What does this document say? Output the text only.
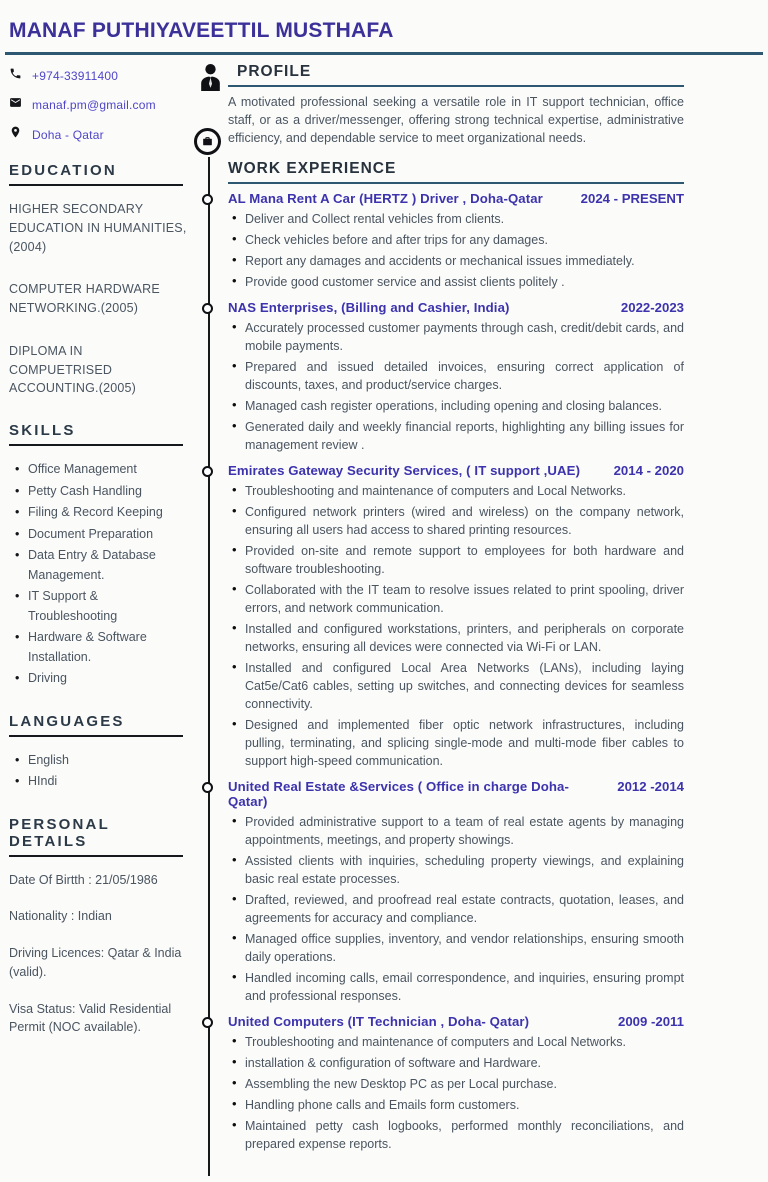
MANAF PUTHIYAVEETTIL MUSTHAFA
+974-33911400
manaf.pm@gmail.com
Doha - Qatar
EDUCATION

HIGHER SECONDARY EDUCATION IN HUMANITIES, (2004)

COMPUTER HARDWARE NETWORKING.(2005)

DIPLOMA IN COMPUETRISED ACCOUNTING.(2005)

SKILLS
• Office Management
• Petty Cash Handling
• Filing & Record Keeping
• Document Preparation
• Data Entry & Database Management.
• IT Support & Troubleshooting
• Hardware & Software Installation.
• Driving
LANGUAGES
• English
• HIndi
PERSONAL DETAILS

Date Of Birtth : 21/05/1986

Nationality : Indian

Driving Licences: Qatar & India (valid).

Visa Status: Valid Residential Permit (NOC available).

PROFILE

A motivated professional seeking a versatile role in IT support technician, office staff, or as a driver/messenger, offering strong technical expertise, administrative efficiency, and dependable service to meet organizational needs.

WORK EXPERIENCE
AL Mana Rent A Car (HERTZ ) Driver , Doha-Qatar	2024 - PRESENT
• Deliver and Collect rental vehicles from clients.
• Check vehicles before and after trips for any damages.
• Report any damages and accidents or mechanical issues immediately.
• Provide good customer service and assist clients politely .
NAS Enterprises, (Billing and Cashier, India)	2022-2023
• Accurately processed customer payments through cash, credit/debit cards, and mobile payments.
• Prepared and issued detailed invoices, ensuring correct application of discounts, taxes, and product/service charges.
• Managed cash register operations, including opening and closing balances.
• Generated daily and weekly financial reports, highlighting any billing issues for management review .
Emirates Gateway Security Services, ( IT support ,UAE)	2014 - 2020
• Troubleshooting and maintenance of computers and Local Networks.
• Configured network printers (wired and wireless) on the company network, ensuring all users had access to shared printing resources.
• Provided on-site and remote support to employees for both hardware and software troubleshooting.
• Collaborated with the IT team to resolve issues related to print spooling, driver errors, and network communication.
• Installed and configured workstations, printers, and peripherals on corporate networks, ensuring all devices were connected via Wi-Fi or LAN.
• Installed and configured Local Area Networks (LANs), including laying Cat5e/Cat6 cables, setting up switches, and connecting devices for seamless connectivity.
• Designed and implemented fiber optic network infrastructures, including pulling, terminating, and splicing single-mode and multi-mode fiber cables to support high-speed communication.
United Real Estate &Services ( Office in charge Doha- Qatar)
2012 -2014
• Provided administrative support to a team of real estate agents by managing appointments, meetings, and property showings.
• Assisted clients with inquiries, scheduling property viewings, and explaining basic real estate processes.
• Drafted, reviewed, and proofread real estate contracts, quotation, leases, and agreements for accuracy and compliance.
• Managed office supplies, inventory, and vendor relationships, ensuring smooth daily operations.
• Handled incoming calls, email correspondence, and inquiries, ensuring prompt and professional responses.
United Computers (IT Technician , Doha- Qatar)	2009 -2011
• Troubleshooting and maintenance of computers and Local Networks.
• installation & configuration of software and Hardware.
• Assembling the new Desktop PC as per Local purchase.
• Handling phone calls and Emails form customers.
• Maintained petty cash logbooks, performed monthly reconciliations, and prepared expense reports.
